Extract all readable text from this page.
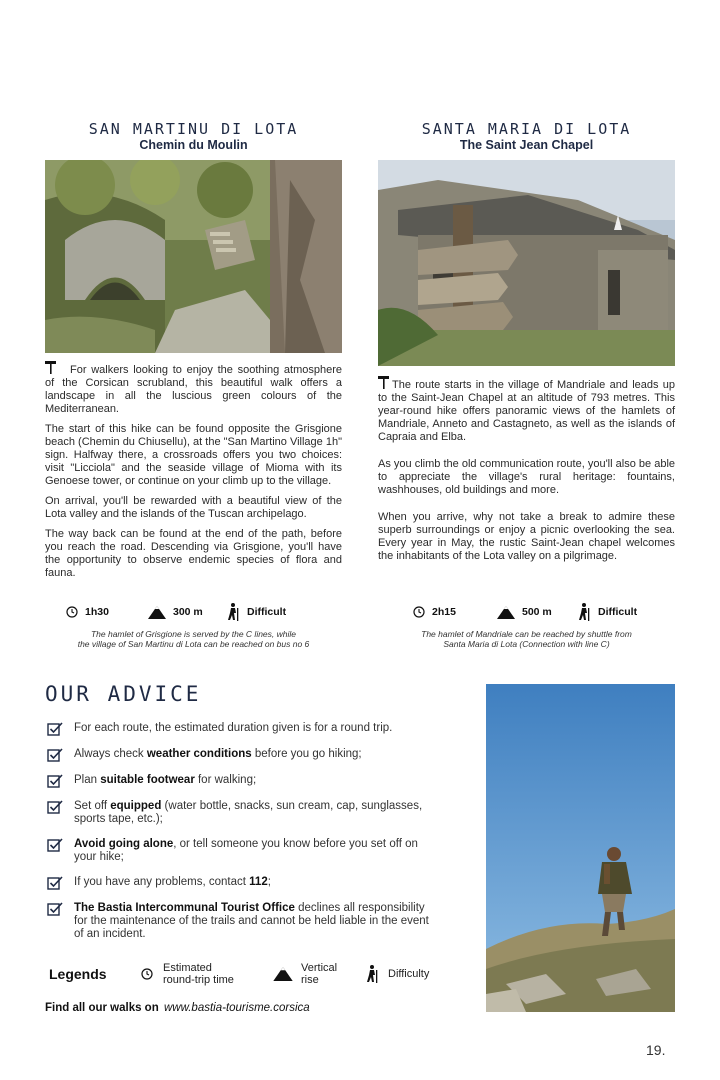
SAN MARTINU DI LOTA
Chemin du Moulin

For walkers looking to enjoy the soothing atmosphere of the Corsican scrubland, this beautiful walk offers a landscape in all the luscious green colours of the Mediterranean.

The start of this hike can be found opposite the Grisgione beach (Chemin du Chiusellu), at the "San Martino Village 1h" sign. Halfway there, a crossroads offers you two choices: visit "Licciola" and the seaside village of Mioma with its Genoese tower, or continue on your climb up to the village.

On arrival, you'll be rewarded with a beautiful view of the Lota valley and the islands of the Tuscan archipelago.

The way back can be found at the end of the path, before you reach the road. Descending via Grisgione, you'll have the opportunity to observe endemic species of flora and fauna.

1h30	300 m	Difficult
The hamlet of Grisgione is served by the C lines, while
the village of San Martinu di Lota can be reached on bus no 6
SANTA MARIA DI LOTA
The Saint Jean Chapel

The route starts in the village of Mandriale and leads up to the Saint-Jean Chapel at an altitude of 793 metres. This year-round hike offers panoramic views of the hamlets of Mandriale, Anneto and Castagneto, as well as the islands of Capraia and Elba.

As you climb the old communication route, you'll also be able to appreciate the village's rural heritage: fountains, washhouses, old buildings and more.

When you arrive, why not take a break to admire these superb surroundings or enjoy a picnic overlooking the sea. Every year in May, the rustic Saint-Jean chapel welcomes the inhabitants of the Lota valley on a pilgrimage.

2h15	500 m	Difficult
The hamlet of Mandriale can be reached by shuttle from
Santa Maria di Lota (Connection with line C)
OUR ADVICE
For each route, the estimated duration given is for a round trip.
Always check weather conditions before you go hiking;
Plan suitable footwear for walking;
Set off equipped (water bottle, snacks, sun cream, cap, sunglasses, sports tape, etc.);
Avoid going alone, or tell someone you know before you set off on your hike;
If you have any problems, contact 112;
The Bastia Intercommunal Tourist Office declines all responsibility for the maintenance of the trails and cannot be held liable in the event of an incident.
Legends	Estimated
round-trip time
Vertical
rise	Difficulty
Find all our walks on www.bastia-tourisme.corsica
19.
